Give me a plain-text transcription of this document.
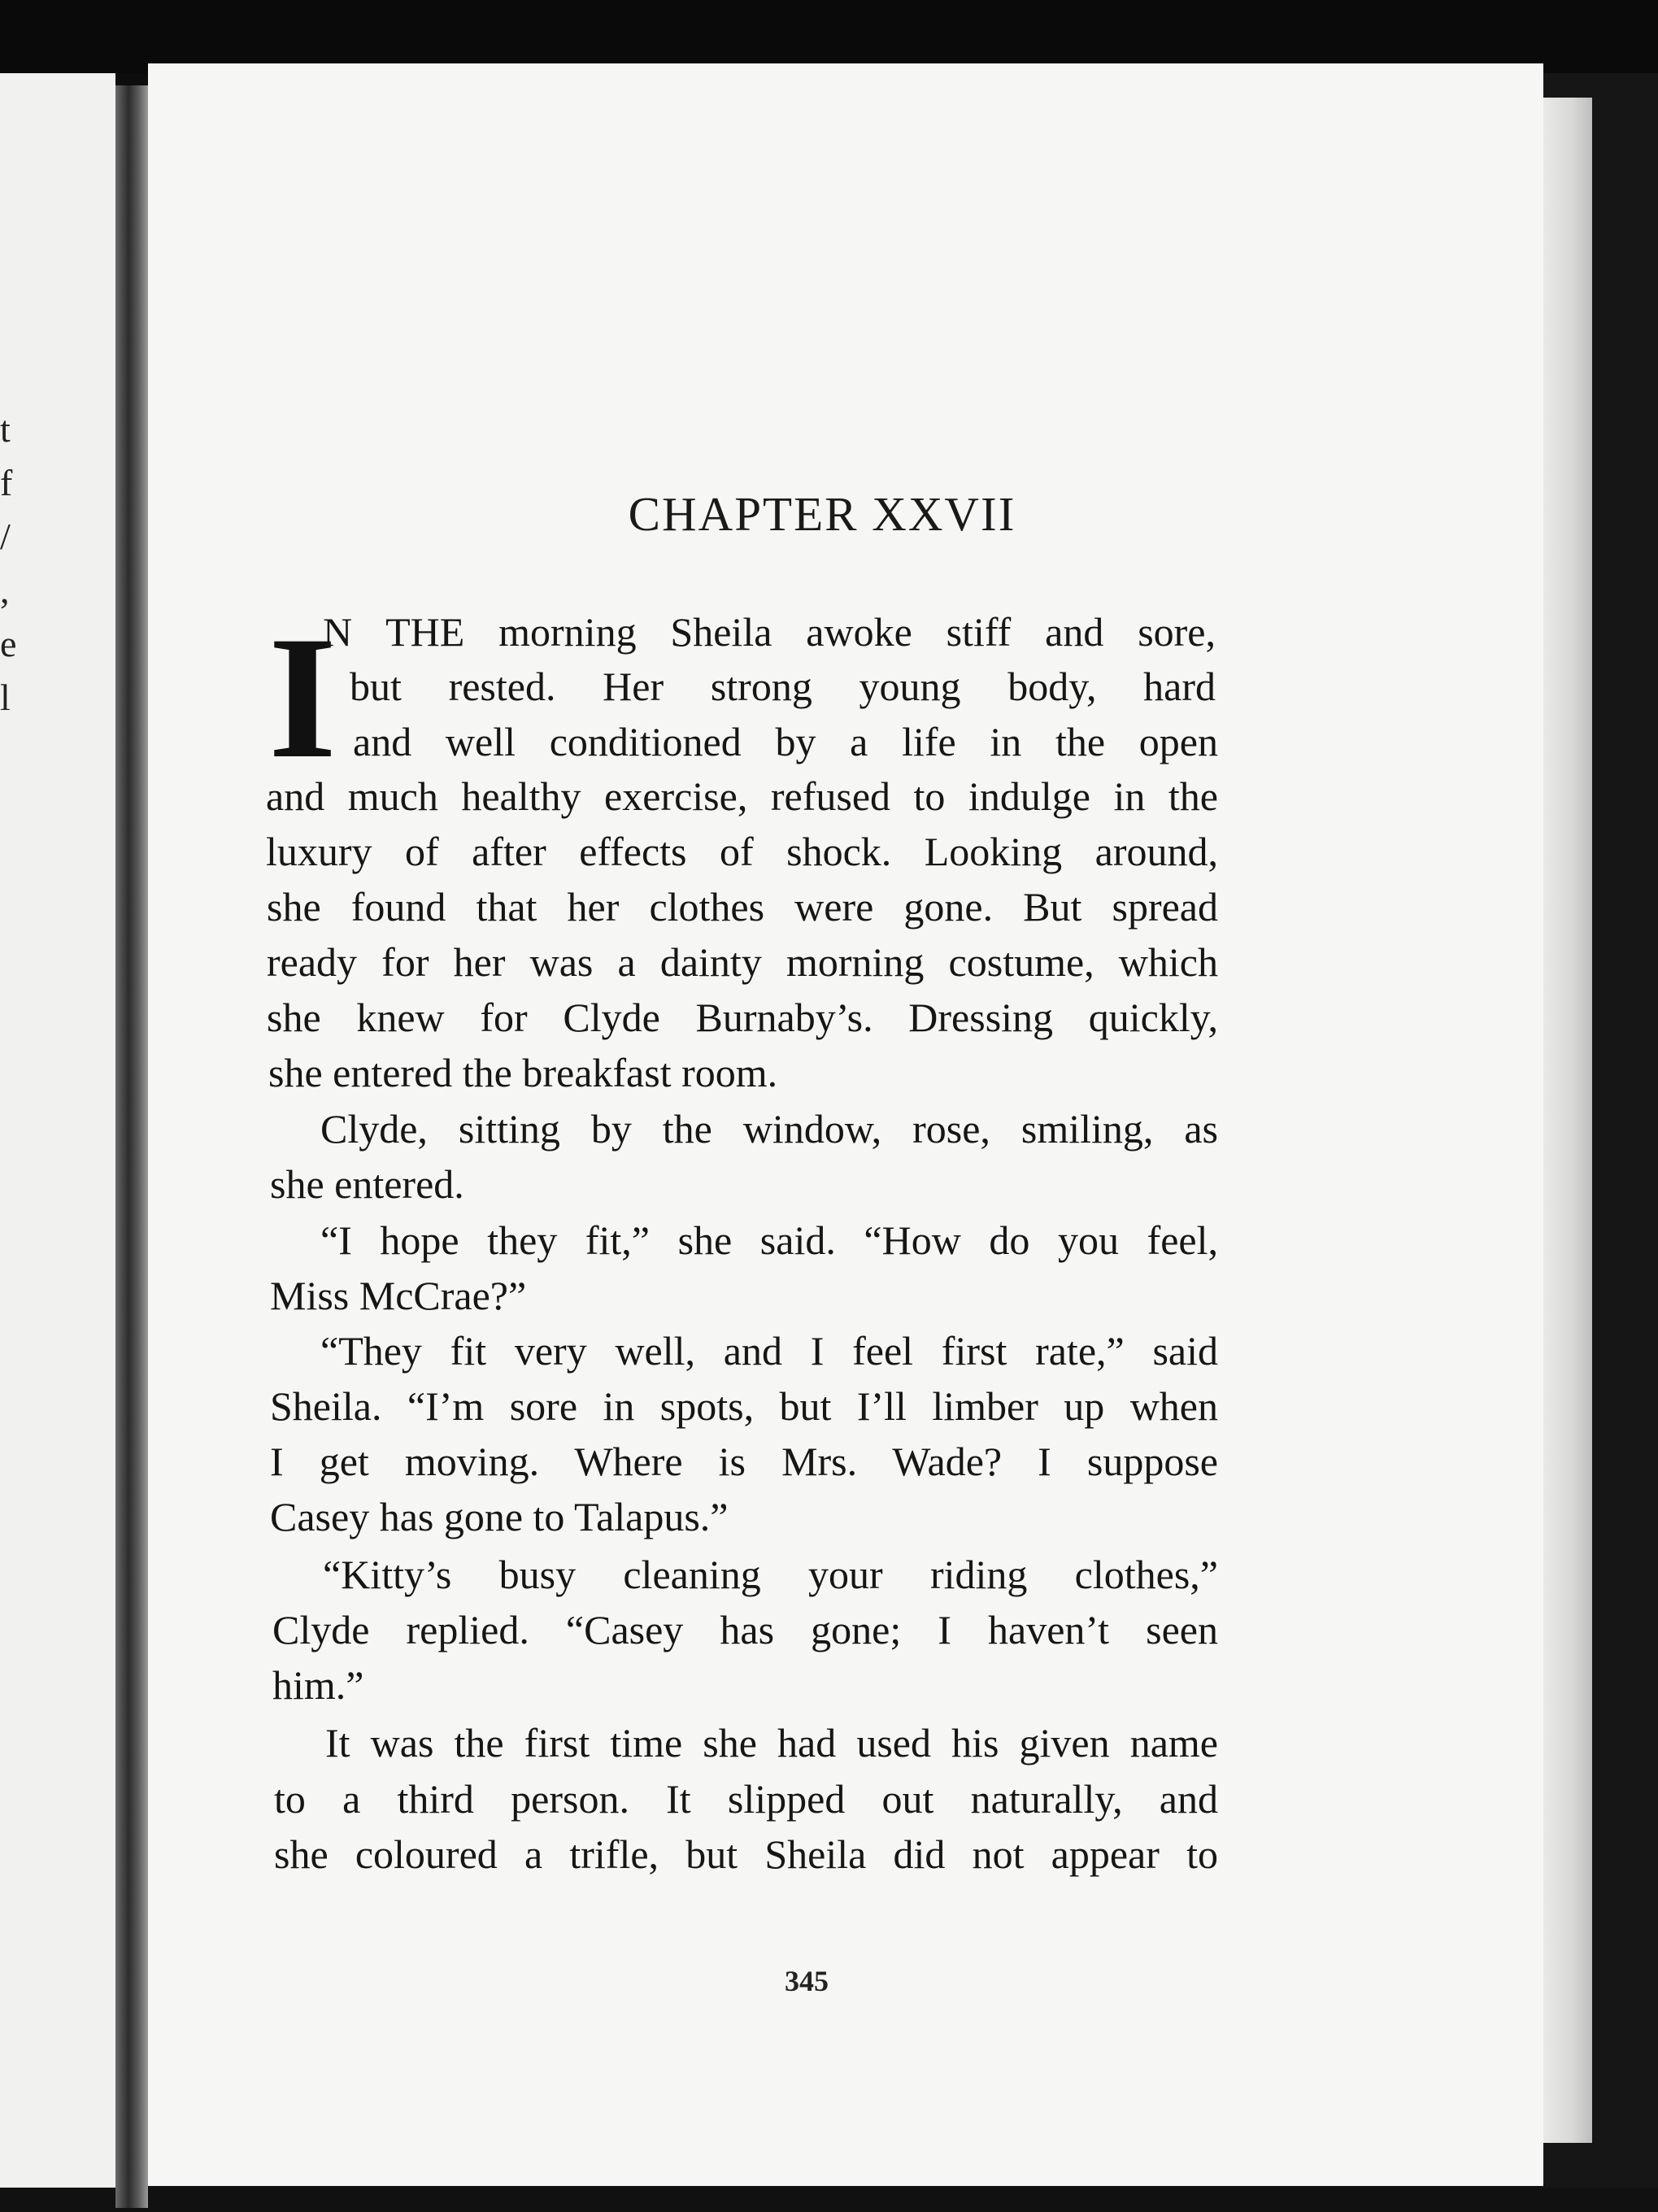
t
f
/
,
e
l
CHAPTER XXVII
I
N THE morning Sheila awoke stiff and sore,
but rested. Her strong young body, hard
and well conditioned by a life in the open
and much healthy exercise, refused to indulge in the
luxury of after effects of shock. Looking around,
she found that her clothes were gone. But spread
ready for her was a dainty morning costume, which
she knew for Clyde Burnaby’s. Dressing quickly,
she entered the breakfast room.
Clyde, sitting by the window, rose, smiling, as
she entered.
“I hope they fit,” she said. “How do you feel,
Miss McCrae?”
“They fit very well, and I feel first rate,” said
Sheila. “I’m sore in spots, but I’ll limber up when
I get moving. Where is Mrs. Wade? I suppose
Casey has gone to Talapus.”
“Kitty’s busy cleaning your riding clothes,”
Clyde replied. “Casey has gone; I haven’t seen
him.”
It was the first time she had used his given name
to a third person. It slipped out naturally, and
she coloured a trifle, but Sheila did not appear to
345
